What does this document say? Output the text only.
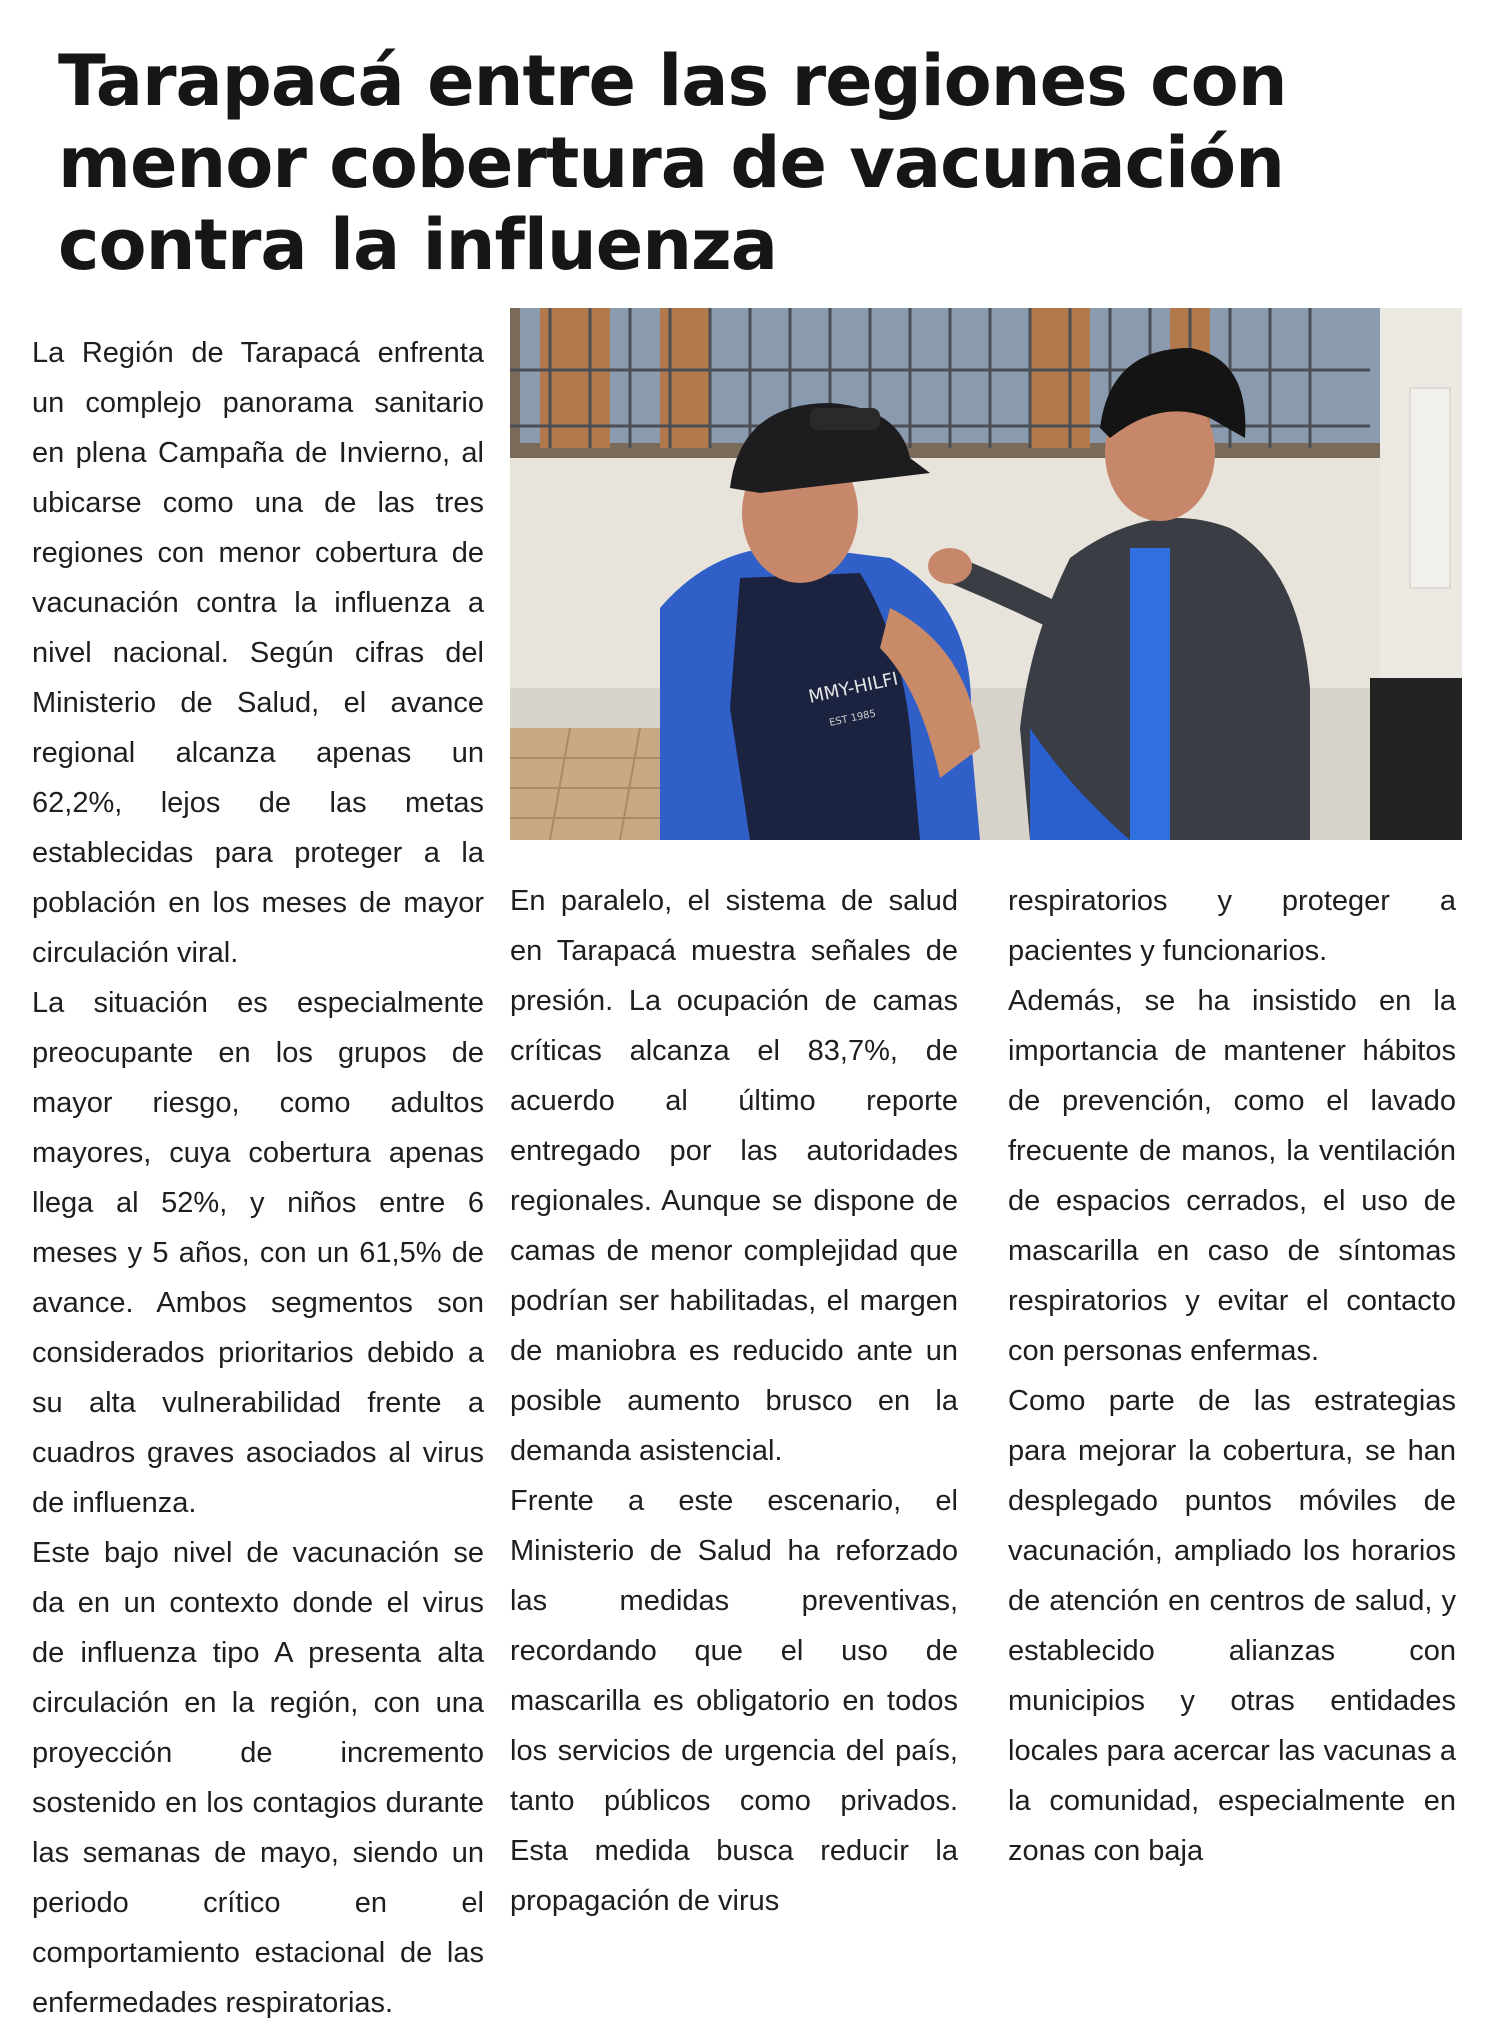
Tarapacá entre las regiones con menor cobertura de vacunación contra la influenza
MMY-HILFI
EST 1985

La Región de Tarapacá enfrenta un complejo panorama sanitario en plena Campaña de Invierno, al ubicarse como una de las tres regiones con menor cobertura de vacunación contra la influenza a nivel nacional. Según cifras del Ministerio de Salud, el avance regional alcanza apenas un 62,2%, lejos de las metas establecidas para proteger a la población en los meses de mayor circulación viral.

La situación es especialmente preocupante en los grupos de mayor riesgo, como adultos mayores, cuya cobertura apenas llega al 52%, y niños entre 6 meses y 5 años, con un 61,5% de avance. Ambos segmentos son considerados prioritarios debido a su alta vulnerabilidad frente a cuadros graves asociados al virus de influenza.

Este bajo nivel de vacunación se da en un contexto donde el virus de influenza tipo A presenta alta circulación en la región, con una proyección de incremento sostenido en los contagios durante las semanas de mayo, siendo un periodo crítico en el comportamiento estacional de las enfermedades respiratorias.

En paralelo, el sistema de salud en Tarapacá muestra señales de presión. La ocupación de camas críticas alcanza el 83,7%, de acuerdo al último reporte entregado por las autoridades regionales. Aunque se dispone de camas de menor complejidad que podrían ser habilitadas, el margen de maniobra es reducido ante un posible aumento brusco en la demanda asistencial.

Frente a este escenario, el Ministerio de Salud ha reforzado las medidas preventivas, recordando que el uso de mascarilla es obligatorio en todos los servicios de urgencia del país, tanto públicos como privados. Esta medida busca reducir la propagación de virus

respiratorios y proteger a pacientes y funcionarios.

Además, se ha insistido en la importancia de mantener hábitos de prevención, como el lavado frecuente de manos, la ventilación de espacios cerrados, el uso de mascarilla en caso de síntomas respiratorios y evitar el contacto con personas enfermas.

Como parte de las estrategias para mejorar la cobertura, se han desplegado puntos móviles de vacunación, ampliado los horarios de atención en centros de salud, y establecido alianzas con municipios y otras entidades locales para acercar las vacunas a la comunidad, especialmente en zonas con baja
